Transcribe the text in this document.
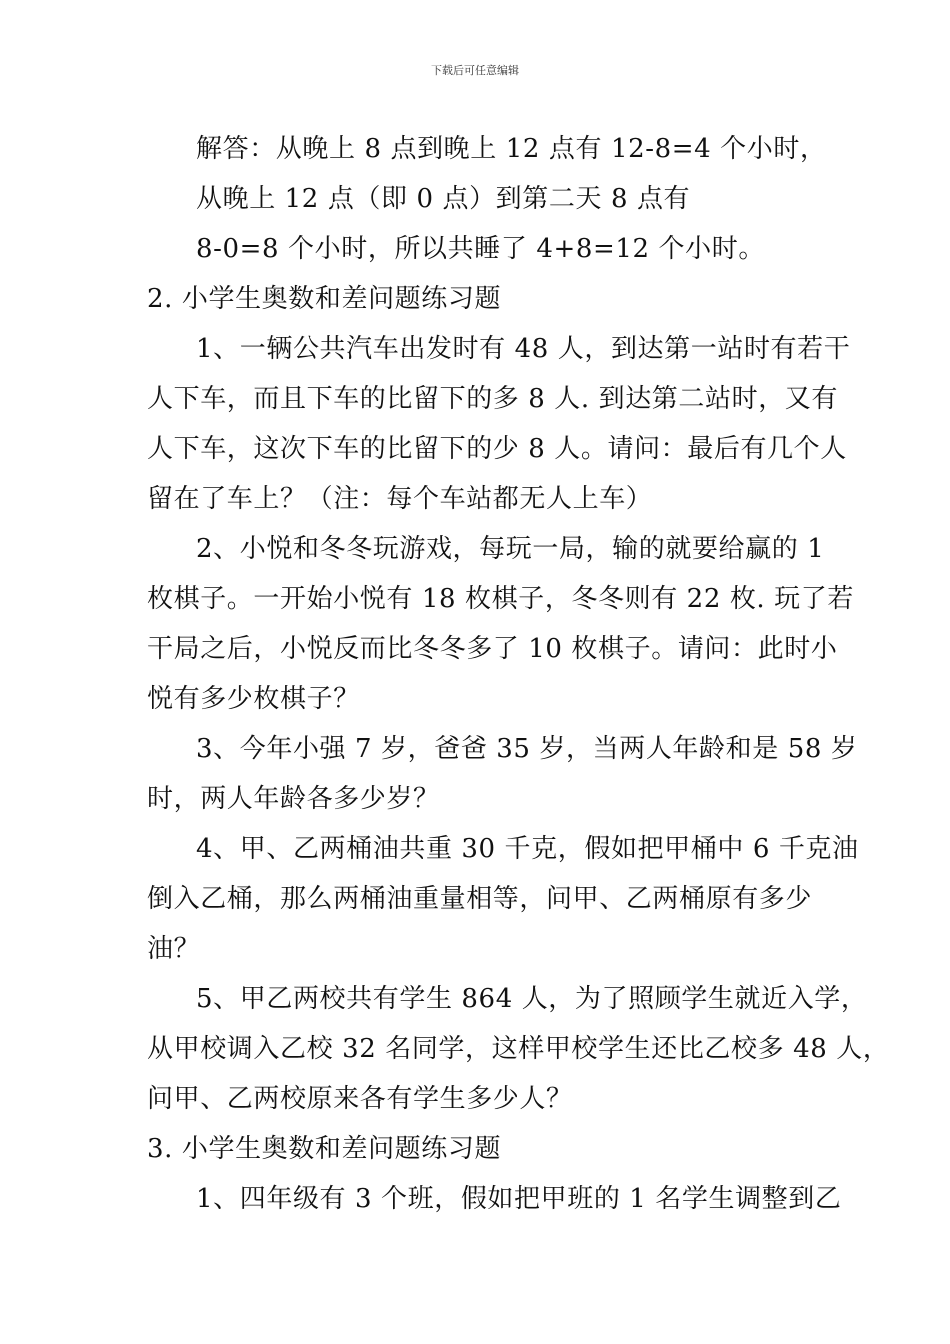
下载后可任意编辑
解答：从晚上 8 点到晚上 12 点有 12-8=4 个小时，
从晚上 12 点（即 0 点）到第二天 8 点有
8-0=8 个小时，所以共睡了 4+8=12 个小时。
2. 小学生奥数和差问题练习题
1、一辆公共汽车出发时有 48 人，到达第一站时有若干
人下车，而且下车的比留下的多 8 人. 到达第二站时，又有
人下车，这次下车的比留下的少 8 人。请问：最后有几个人
留在了车上？（注：每个车站都无人上车）
2、小悦和冬冬玩游戏，每玩一局，输的就要给赢的 1
枚棋子。一开始小悦有 18 枚棋子，冬冬则有 22 枚. 玩了若
干局之后，小悦反而比冬冬多了 10 枚棋子。请问：此时小
悦有多少枚棋子？
3、今年小强 7 岁，爸爸 35 岁，当两人年龄和是 58 岁
时，两人年龄各多少岁？
4、甲、乙两桶油共重 30 千克，假如把甲桶中 6 千克油
倒入乙桶，那么两桶油重量相等，问甲、乙两桶原有多少
油？
5、甲乙两校共有学生 864 人，为了照顾学生就近入学，
从甲校调入乙校 32 名同学，这样甲校学生还比乙校多 48 人，
问甲、乙两校原来各有学生多少人？
3. 小学生奥数和差问题练习题
1、四年级有 3 个班，假如把甲班的 1 名学生调整到乙
